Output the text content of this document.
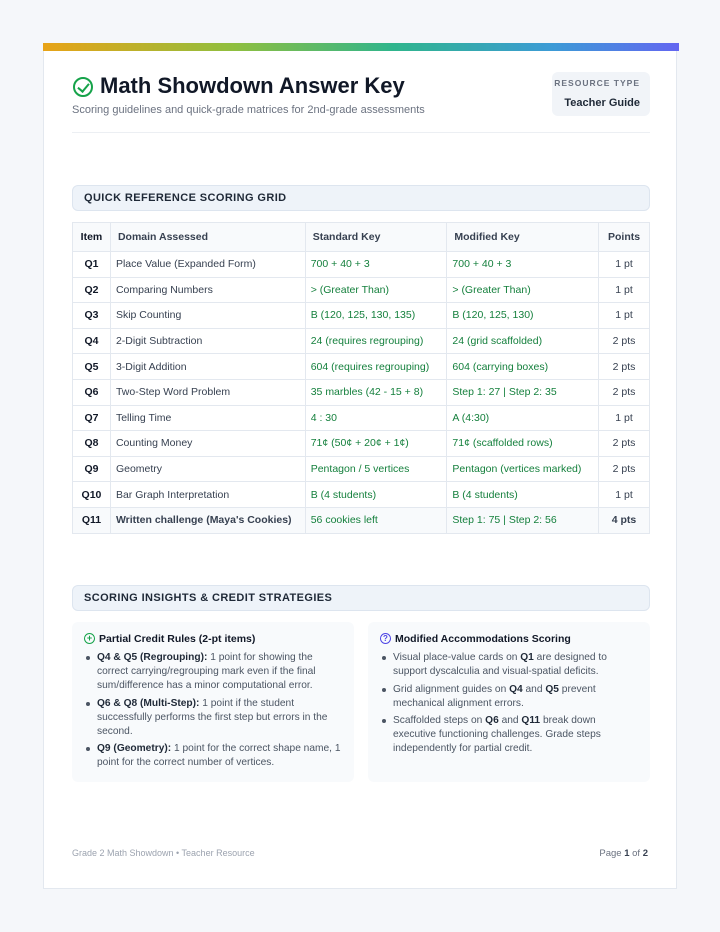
Math Showdown Answer Key

Scoring guidelines and quick-grade matrices for 2nd-grade assessments

RESOURCE TYPE
Teacher Guide
QUICK REFERENCE SCORING GRID
Item	Domain Assessed	Standard Key	Modified Key	Points
Q1	Place Value (Expanded Form)	700 + 40 + 3	700 + 40 + 3	1 pt
Q2	Comparing Numbers	> (Greater Than)	> (Greater Than)	1 pt
Q3	Skip Counting	B (120, 125, 130, 135)	B (120, 125, 130)	1 pt
Q4	2-Digit Subtraction	24 (requires regrouping)	24 (grid scaffolded)	2 pts
Q5	3-Digit Addition	604 (requires regrouping)	604 (carrying boxes)	2 pts
Q6	Two-Step Word Problem	35 marbles (42 - 15 + 8)	Step 1: 27 | Step 2: 35	2 pts
Q7	Telling Time	4 : 30	A (4:30)	1 pt
Q8	Counting Money	71¢ (50¢ + 20¢ + 1¢)	71¢ (scaffolded rows)	2 pts
Q9	Geometry	Pentagon / 5 vertices	Pentagon (vertices marked)	2 pts
Q10	Bar Graph Interpretation	B (4 students)	B (4 students)	1 pt
Q11	Written challenge (Maya's Cookies)	56 cookies left	Step 1: 75 | Step 2: 56	4 pts
SCORING INSIGHTS & CREDIT STRATEGIES
+ Partial Credit Rules (2-pt items)
Q4 & Q5 (Regrouping): 1 point for showing the correct carrying/regrouping mark even if the final sum/difference has a minor computational error.
Q6 & Q8 (Multi-Step): 1 point if the student successfully performs the first step but errors in the second.
Q9 (Geometry): 1 point for the correct shape name, 1 point for the correct number of vertices.
? Modified Accommodations Scoring
Visual place-value cards on Q1 are designed to support dyscalculia and visual-spatial deficits.
Grid alignment guides on Q4 and Q5 prevent mechanical alignment errors.
Scaffolded steps on Q6 and Q11 break down executive functioning challenges. Grade steps independently for partial credit.
Grade 2 Math Showdown • Teacher Resource	Page 1 of 2
